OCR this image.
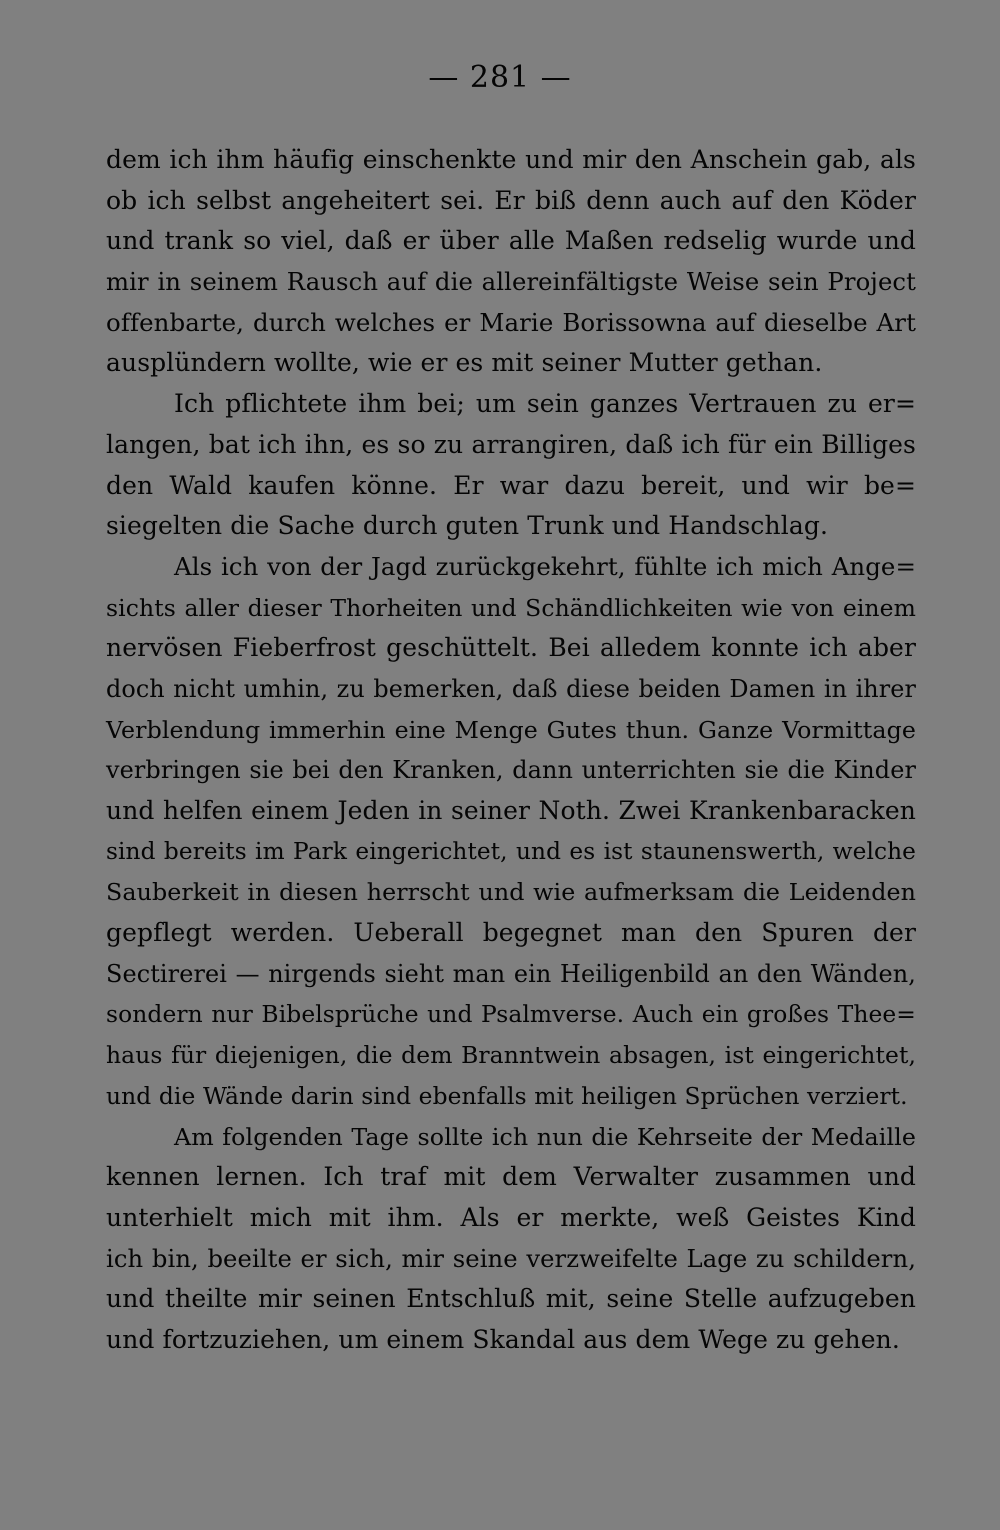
— 281 —
dem ich ihm häufig einschenkte und mir den Anschein gab, als
ob ich selbst angeheitert sei. Er biß denn auch auf den Köder
und trank so viel, daß er über alle Maßen redselig wurde und
mir in seinem Rausch auf die allereinfältigste Weise sein Project
offenbarte, durch welches er Marie Borissowna auf dieselbe Art
ausplündern wollte, wie er es mit seiner Mutter gethan.
Ich pflichtete ihm bei; um sein ganzes Vertrauen zu er=
langen, bat ich ihn, es so zu arrangiren, daß ich für ein Billiges
den Wald kaufen könne. Er war dazu bereit, und wir be=
siegelten die Sache durch guten Trunk und Handschlag.
Als ich von der Jagd zurückgekehrt, fühlte ich mich Ange=
sichts aller dieser Thorheiten und Schändlichkeiten wie von einem
nervösen Fieberfrost geschüttelt. Bei alledem konnte ich aber
doch nicht umhin, zu bemerken, daß diese beiden Damen in ihrer
Verblendung immerhin eine Menge Gutes thun. Ganze Vormittage
verbringen sie bei den Kranken, dann unterrichten sie die Kinder
und helfen einem Jeden in seiner Noth. Zwei Krankenbaracken
sind bereits im Park eingerichtet, und es ist staunenswerth, welche
Sauberkeit in diesen herrscht und wie aufmerksam die Leidenden
gepflegt werden. Ueberall begegnet man den Spuren der
Sectirerei — nirgends sieht man ein Heiligenbild an den Wänden,
sondern nur Bibelsprüche und Psalmverse. Auch ein großes Thee=
haus für diejenigen, die dem Branntwein absagen, ist eingerichtet,
und die Wände darin sind ebenfalls mit heiligen Sprüchen verziert.
Am folgenden Tage sollte ich nun die Kehrseite der Medaille
kennen lernen. Ich traf mit dem Verwalter zusammen und
unterhielt mich mit ihm. Als er merkte, weß Geistes Kind
ich bin, beeilte er sich, mir seine verzweifelte Lage zu schildern,
und theilte mir seinen Entschluß mit, seine Stelle aufzugeben
und fortzuziehen, um einem Skandal aus dem Wege zu gehen.
